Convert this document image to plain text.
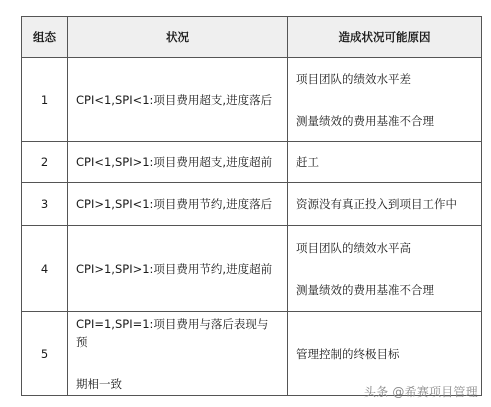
组态	状况	造成状况可能原因
1	CPI<1,SPI<1:项目费用超支,进度落后	项目团队的绩效水平差
测量绩效的费用基准不合理

2	CPI<1,SPI>1:项目费用超支,进度超前	赶工

3	CPI>1,SPI<1:项目费用节约,进度落后	资源没有真正投入到项目工作中

4	CPI>1,SPI>1:项目费用节约,进度超前	项目团队的绩效水平高
测量绩效的费用基准不合理

5	CPI=1,SPI=1:项目费用与落后表现与预
期相一致	管理控制的终极目标
头条 @希赛项目管理
